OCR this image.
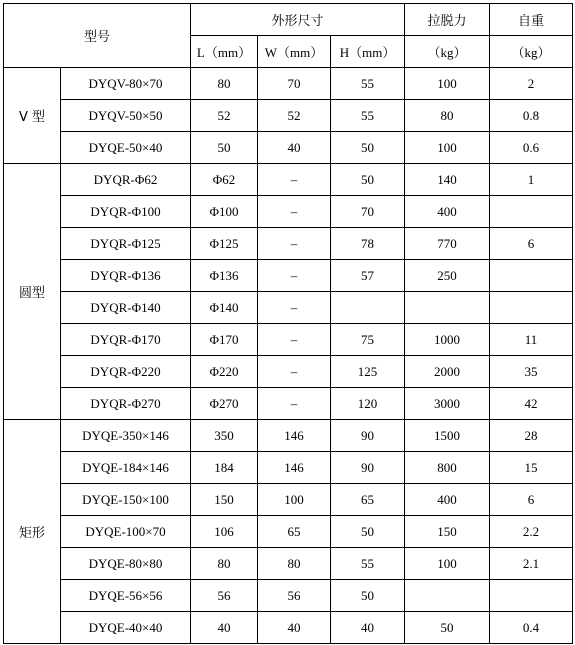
型号		外形尺寸			拉脱力	自重
		L（mm）	W（mm）	H（mm）	（kg）	（kg）
V 型	DYQV-80×70	80	70	55	100	2
	DYQV-50×50	52	52	55	80	0.8
	DYQE-50×40	50	40	50	100	0.6
圆型	DYQR-Φ62	Φ62	–	50	140	1
	DYQR-Φ100	Φ100	–	70	400	
	DYQR-Φ125	Φ125	–	78	770	6
	DYQR-Φ136	Φ136	–	57	250	
	DYQR-Φ140	Φ140	–			
	DYQR-Φ170	Φ170	–	75	1000	11
	DYQR-Φ220	Φ220	–	125	2000	35
	DYQR-Φ270	Φ270	–	120	3000	42
矩形	DYQE-350×146	350	146	90	1500	28
	DYQE-184×146	184	146	90	800	15
	DYQE-150×100	150	100	65	400	6
	DYQE-100×70	106	65	50	150	2.2
	DYQE-80×80	80	80	55	100	2.1
	DYQE-56×56	56	56	50		
	DYQE-40×40	40	40	40	50	0.4
